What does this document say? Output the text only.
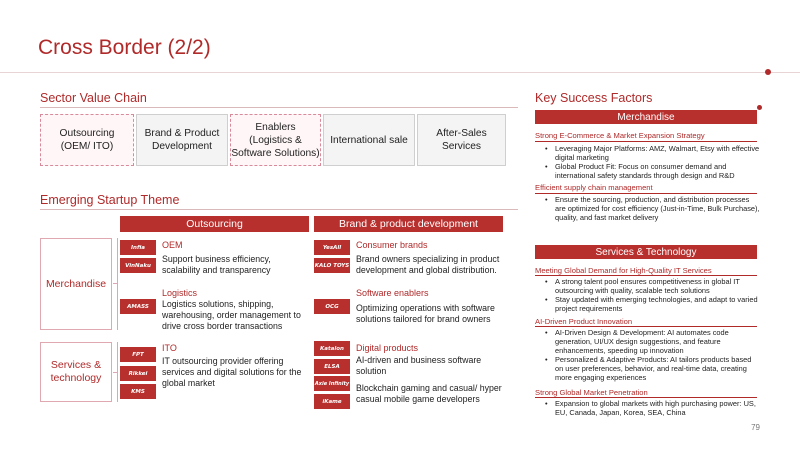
Cross Border (2/2)
Sector Value Chain
Outsourcing
(OEM/ ITO)
Brand & Product
Development
Enablers
(Logistics &
Software Solutions)
International sale
After-Sales
Services
Emerging Startup Theme
Outsourcing	Brand & product development
Merchandise
Infia
VinNaku
OEM
Support business efficiency, scalability and transparency
YesAll
KALO TOYS
Consumer brands
Brand owners specializing in product development and global distribution.
AMASS
Logistics
Logistics solutions, shipping, warehousing, order management to drive cross border transactions
OCG
Software enablers
Optimizing operations with software solutions tailored for brand owners
Services &
technology
FPT
Rikkei
KMS
ITO
IT outsourcing provider offering services and digital solutions for the global market
Katalon
ELSA
Axie Infinity
iKame
Digital products
AI-driven and business software solution
Blockchain gaming and casual/ hyper casual mobile game developers
Key Success Factors
Merchandise
Strong E-Commerce & Market Expansion Strategy
• Leveraging Major Platforms: AMZ, Walmart, Etsy with effective digital marketing
• Global Product Fit: Focus on consumer demand and international safety standards through design and R&D
Efficient supply chain management
• Ensure the sourcing, production, and distribution processes are optimized for cost efficiency (Just-in-Time, Bulk Purchase), quality, and fast market delivery
Services & Technology
Meeting Global Demand for High-Quality IT Services
• A strong talent pool ensures competitiveness in global IT outsourcing with quality, scalable tech solutions
• Stay updated with emerging technologies, and adapt to varied project requirements
AI-Driven Product Innovation
• AI-Driven Design & Development: AI automates code generation, UI/UX design suggestions, and feature enhancements, speeding up innovation
• Personalized & Adaptive Products: AI tailors products based on user preferences, behavior, and real-time data, creating more engaging experiences
Strong Global Market Penetration
• Expansion to global markets with high purchasing power: US, EU, Canada, Japan, Korea, SEA, China
79
